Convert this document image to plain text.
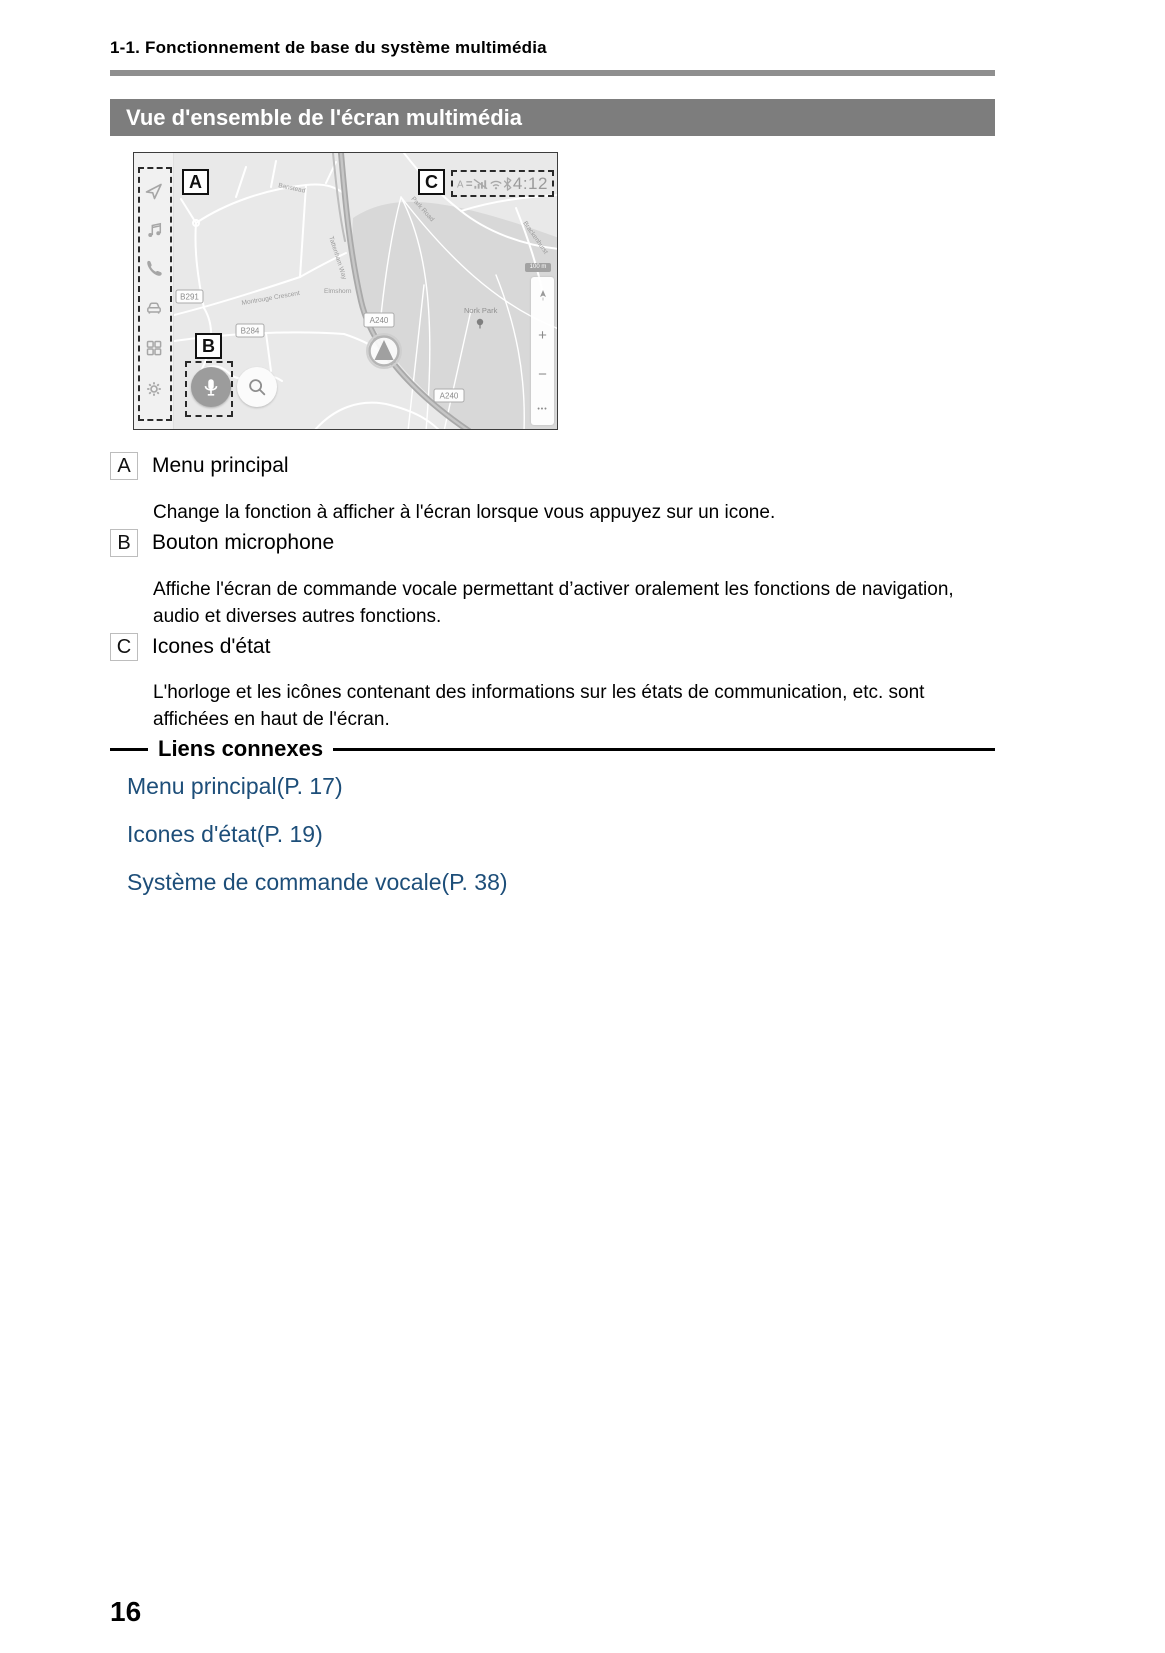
1-1. Fonctionnement de base du système multimédia
Vue d'ensemble de l'écran multimédia
Banstead
Tattenham Way
Montrouge Crescent	Elmshorn
Park Road
Brackenhurst
Nork Park
B291
B284
A240
A240
A	4:12
A	C
B
100 m
+
−
•••
A	Menu principal
Change la fonction à afficher à l'écran lorsque vous appuyez sur un icone.
B	Bouton microphone
Affiche l'écran de commande vocale permettant d’activer oralement les fonctions de navigation, audio et diverses autres fonctions.
C Icones d'état
L'horloge et les icônes contenant des informations sur les états de communication, etc. sont affichées en haut de l'écran.
Liens connexes
Menu principal(P. 17)
Icones d'état(P. 19)
Système de commande vocale(P. 38)
16
